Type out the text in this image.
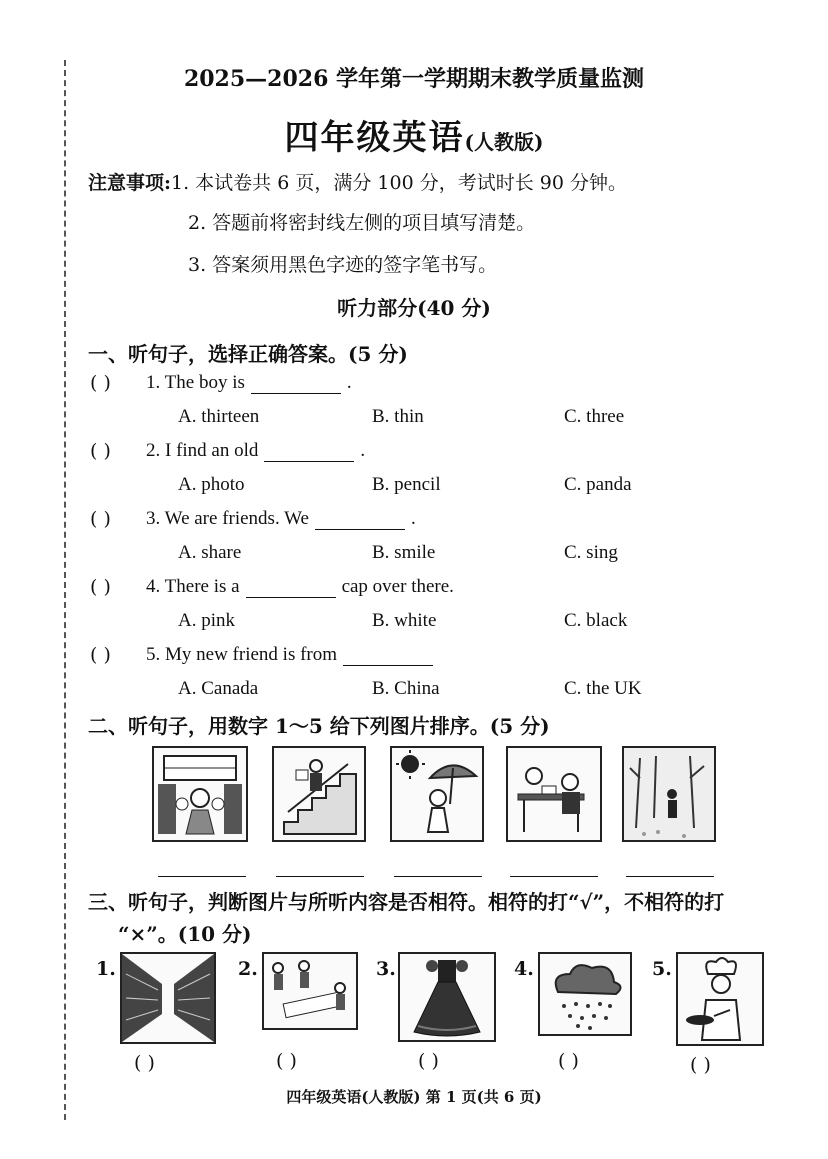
2025—2026 学年第一学期期末教学质量监测
四年级英语(人教版)
注意事项:1. 本试卷共 6 页，满分 100 分，考试时长 90 分钟。
2. 答题前将密封线左侧的项目填写清楚。
3. 答案须用黑色字迹的签字笔书写。
听力部分(40 分)
一、听句子，选择正确答案。(5 分)
( ) 1. The boy is	.
A. thirteen	B. thin	C. three
( ) 2. I find an old	.
A. photo	B. pencil	C. panda
( ) 3. We are friends. We	.
A. share	B. smile	C. sing
( ) 4. There is a	cap over there.
A. pink	B. white	C. black
( ) 5. My new friend is from
A. Canada	B. China	C. the UK
二、听句子，用数字 1～5 给下列图片排序。(5 分)
三、听句子，判断图片与所听内容是否相符。相符的打“√”，不相符的打
“×”。(10 分)
1.
( )
2.
( )
3.
( )
4.
( )
5.
( )
四年级英语(人教版) 第 1 页(共 6 页)
